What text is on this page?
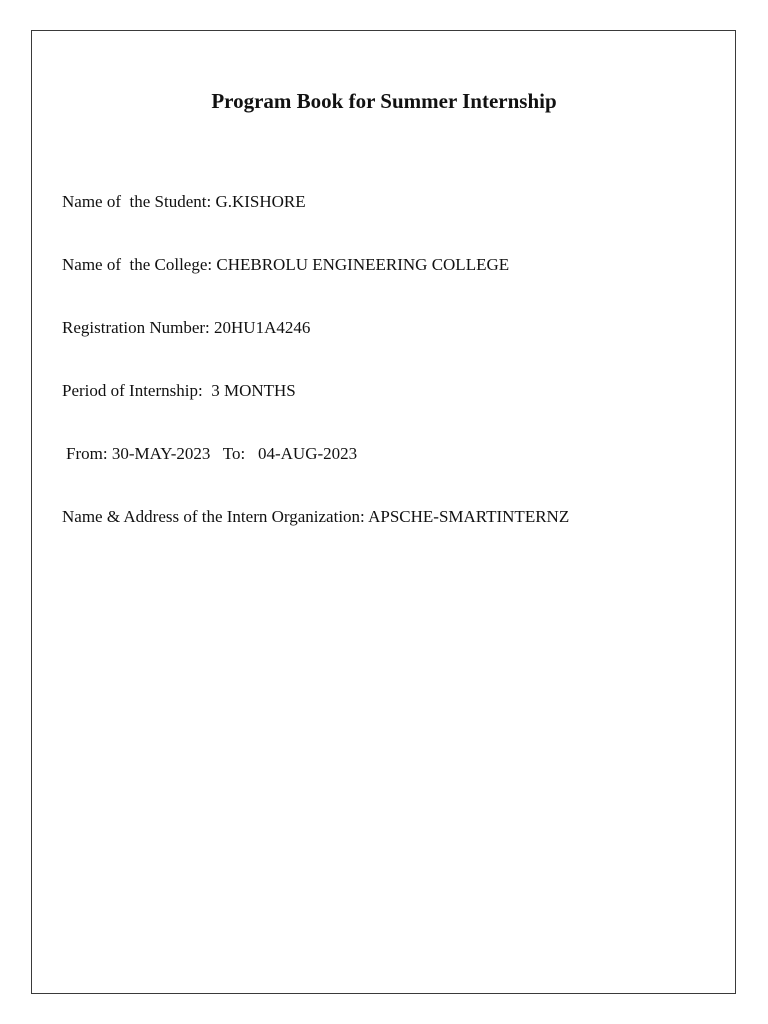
Program Book for Summer Internship
Name of  the Student: G.KISHORE
Name of  the College: CHEBROLU ENGINEERING COLLEGE
Registration Number: 20HU1A4246
Period of Internship:  3 MONTHS
From: 30-MAY-2023   To:   04-AUG-2023
Name & Address of the Intern Organization: APSCHE-SMARTINTERNZ
